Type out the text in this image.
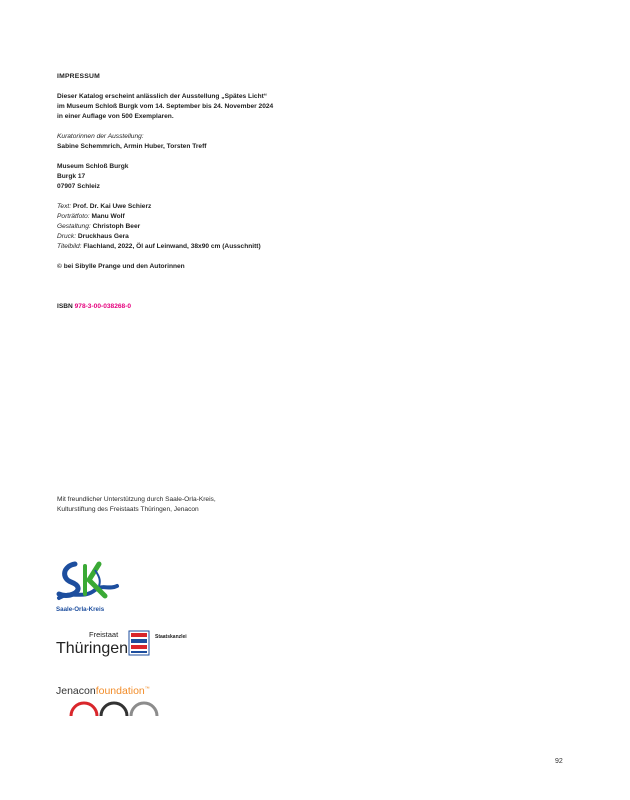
IMPRESSUM
Dieser Katalog erscheint anlässlich der Ausstellung „Spätes Licht“
im Museum Schloß Burgk vom 14. September bis 24. November 2024
in einer Auflage von 500 Exemplaren.
Kuratorinnen der Ausstellung:
Sabine Schemmrich, Armin Huber, Torsten Treff
Museum Schloß Burgk
Burgk 17
07907 Schleiz
Text: Prof. Dr. Kai Uwe Schierz
Porträtfoto: Manu Wolf
Gestaltung: Christoph Beer
Druck: Druckhaus Gera
Titelbild: Flachland, 2022, Öl auf Leinwand, 38x90 cm (Ausschnitt)
© bei Sibylle Prange und den Autorinnen
ISBN 978-3-00-038268-0
Mit freundlicher Unterstützung durch Saale-Orla-Kreis,
Kulturstiftung des Freistaats Thüringen, Jenacon
Saale-Orla-Kreis
Freistaat
Thüringen
Staatskanzlei
Jenaconfoundation™
92
